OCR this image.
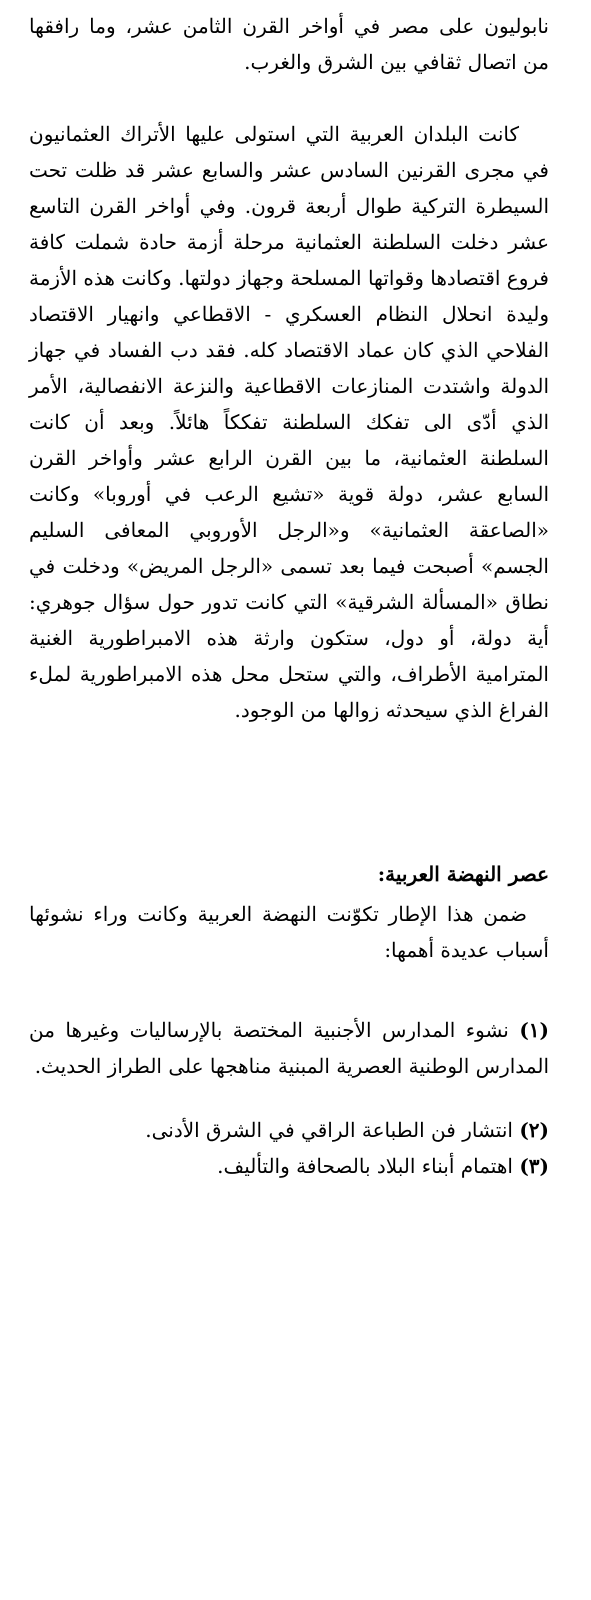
نابوليون على مصر في أواخر القرن الثامن عشر، وما رافقها من اتصال ثقافي بين الشرق والغرب.

كانت البلدان العربية التي استولى عليها الأتراك العثمانيون في مجرى القرنين السادس عشر والسابع عشر قد ظلت تحت السيطرة التركية طوال أربعة قرون. وفي أواخر القرن التاسع عشر دخلت السلطنة العثمانية مرحلة أزمة حادة شملت كافة فروع اقتصادها وقواتها المسلحة وجهاز دولتها. وكانت هذه الأزمة وليدة انحلال النظام العسكري - الاقطاعي وانهيار الاقتصاد الفلاحي الذي كان عماد الاقتصاد كله. فقد دب الفساد في جهاز الدولة واشتدت المنازعات الاقطاعية والنزعة الانفصالية، الأمر الذي أدّى الى تفكك السلطنة تفككاً هائلاً. وبعد أن كانت السلطنة العثمانية، ما بين القرن الرابع عشر وأواخر القرن السابع عشر، دولة قوية «تشيع الرعب في أوروبا» وكانت «الصاعقة العثمانية» و«الرجل الأوروبي المعافى السليم الجسم» أصبحت فيما بعد تسمى «الرجل المريض» ودخلت في نطاق «المسألة الشرقية» التي كانت تدور حول سؤال جوهري: أية دولة، أو دول، ستكون وارثة هذه الامبراطورية الغنية المترامية الأطراف، والتي ستحل محل هذه الامبراطورية لملء الفراغ الذي سيحدثه زوالها من الوجود.

عصر النهضة العربية:

ضمن هذا الإطار تكوّنت النهضة العربية وكانت وراء نشوئها أسباب عديدة أهمها:

(١) نشوء المدارس الأجنبية المختصة بالإرساليات وغيرها من المدارس الوطنية العصرية المبنية مناهجها على الطراز الحديث.

(٢) انتشار فن الطباعة الراقي في الشرق الأدنى.

(٣) اهتمام أبناء البلاد بالصحافة والتأليف.
